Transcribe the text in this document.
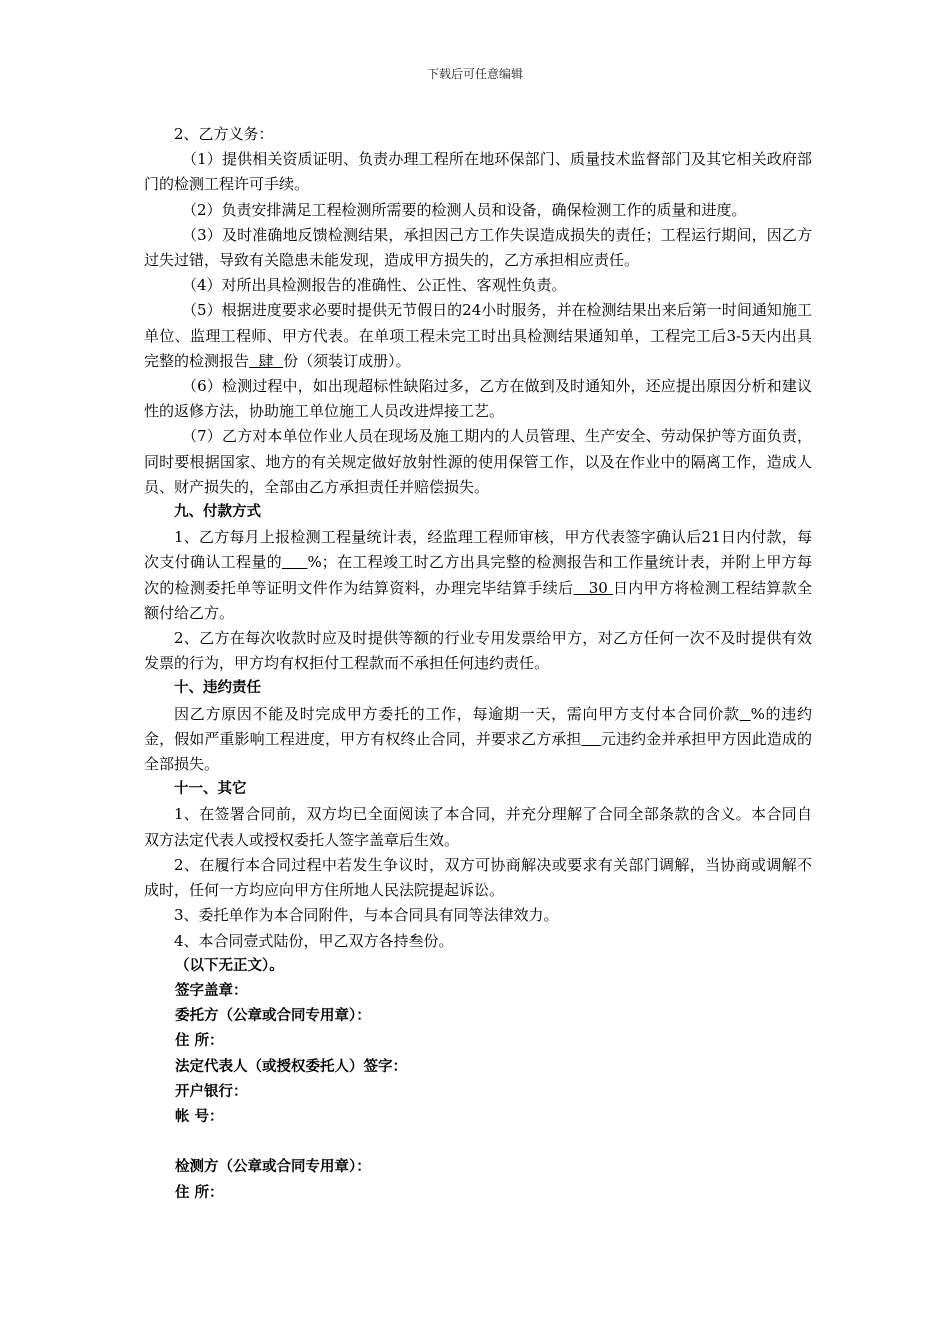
下载后可任意编辑

2、乙方义务：

（1）提供相关资质证明、负责办理工程所在地环保部门、质量技术监督部门及其它相关政府部门的检测工程许可手续。

（2）负责安排满足工程检测所需要的检测人员和设备，确保检测工作的质量和进度。

（3）及时准确地反馈检测结果，承担因己方工作失误造成损失的责任；工程运行期间，因乙方过失过错，导致有关隐患未能发现，造成甲方损失的，乙方承担相应责任。

（4）对所出具检测报告的准确性、公正性、客观性负责。

（5）根据进度要求必要时提供无节假日的24小时服务，并在检测结果出来后第一时间通知施工单位、监理工程师、甲方代表。在单项工程未完工时出具检测结果通知单，工程完工后3-5天内出具完整的检测报告  肆  份（须装订成册）。

（6）检测过程中，如出现超标性缺陷过多，乙方在做到及时通知外，还应提出原因分析和建议性的返修方法，协助施工单位施工人员改进焊接工艺。

（7）乙方对本单位作业人员在现场及施工期内的人员管理、生产安全、劳动保护等方面负责，同时要根据国家、地方的有关规定做好放射性源的使用保管工作，以及在作业中的隔离工作，造成人员、财产损失的，全部由乙方承担责任并赔偿损失。

九、付款方式

1、乙方每月上报检测工程量统计表，经监理工程师审核，甲方代表签字确认后21日内付款，每次支付确认工程量的 %；在工程竣工时乙方出具完整的检测报告和工作量统计表，并附上甲方每次的检测委托单等证明文件作为结算资料，办理完毕结算手续后   30 日内甲方将检测工程结算款全额付给乙方。

2、乙方在每次收款时应及时提供等额的行业专用发票给甲方，对乙方任何一次不及时提供有效发票的行为，甲方均有权拒付工程款而不承担任何违约责任。

十、违约责任

因乙方原因不能及时完成甲方委托的工作，每逾期一天，需向甲方支付本合同价款 %的违约金，假如严重影响工程进度，甲方有权终止合同，并要求乙方承担 元违约金并承担甲方因此造成的全部损失。

十一、其它

1、在签署合同前，双方均已全面阅读了本合同，并充分理解了合同全部条款的含义。本合同自双方法定代表人或授权委托人签字盖章后生效。

2、在履行本合同过程中若发生争议时，双方可协商解决或要求有关部门调解，当协商或调解不成时，任何一方均应向甲方住所地人民法院提起诉讼。

3、委托单作为本合同附件，与本合同具有同等法律效力。

4、本合同壹式陆份，甲乙双方各持叁份。

（以下无正文）。

签字盖章：

委托方（公章或合同专用章）：

住 所：

法定代表人（或授权委托人）签字：

开户银行：

帐 号：

检测方（公章或合同专用章）：

住 所：
